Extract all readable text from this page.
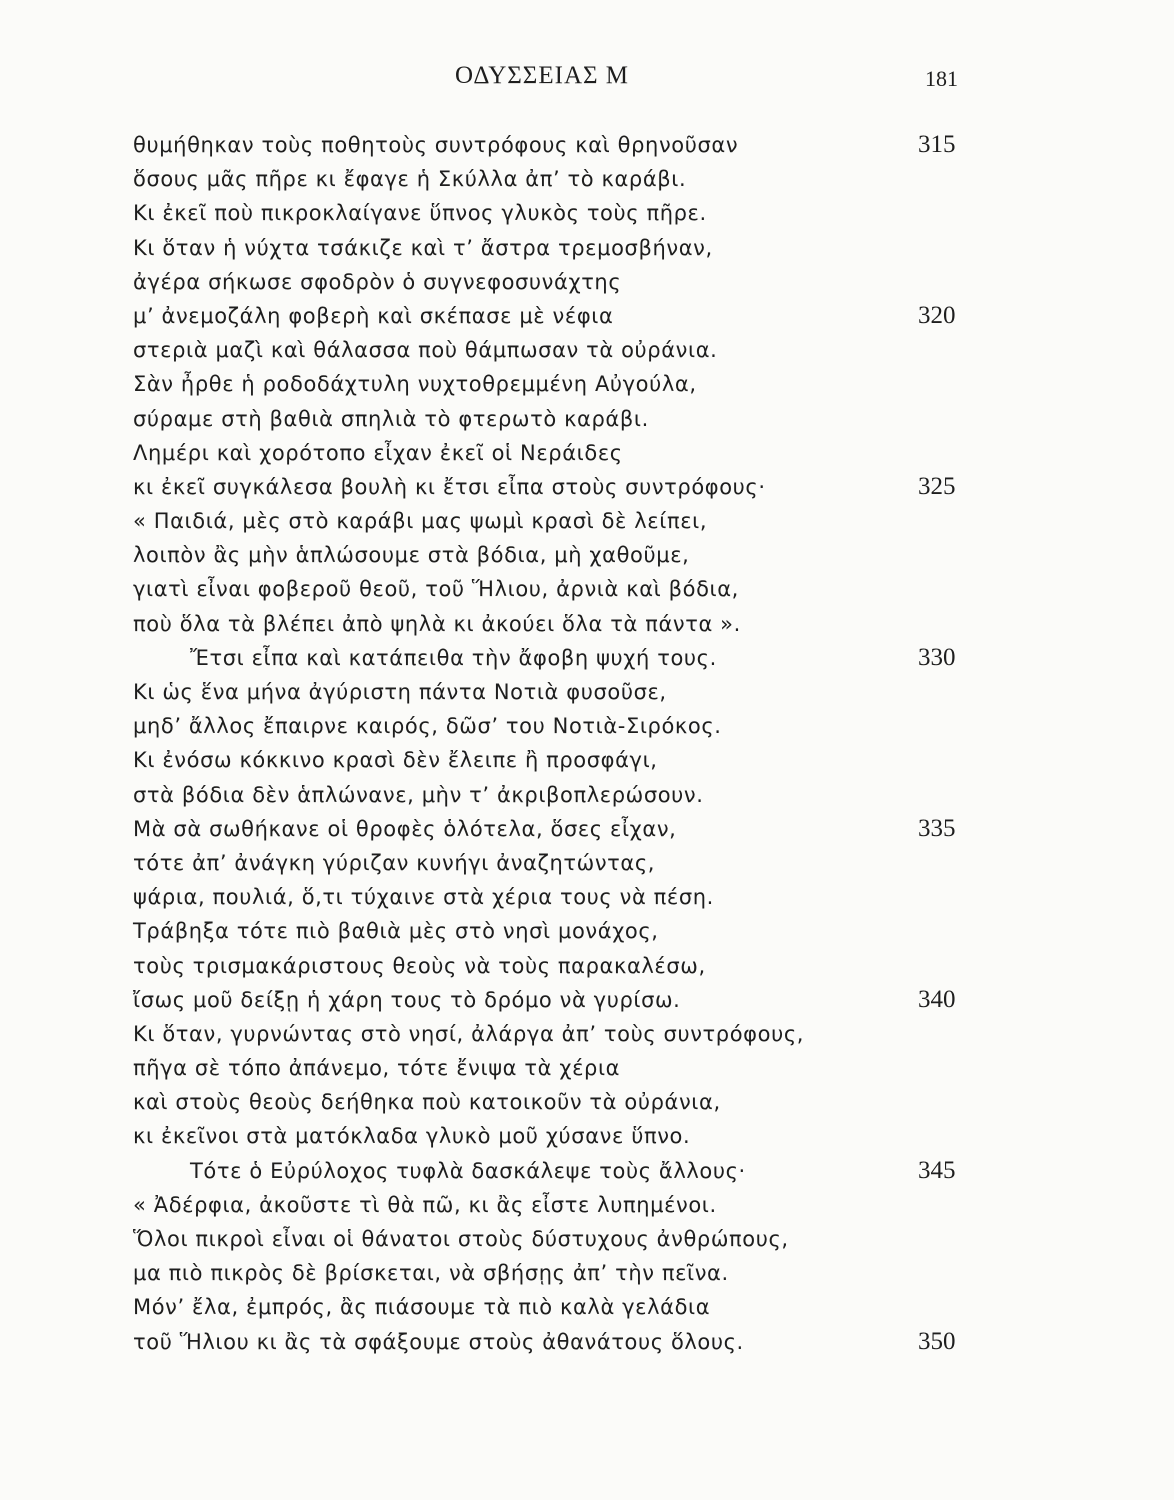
ΟΔΥΣΣΕΙΑΣ Μ	181
θυμήθηκαν τοὺς ποθητοὺς συντρόφους καὶ θρηνοῦσαν	315
ὅσους μᾶς πῆρε κι ἔφαγε ἡ Σκύλλα ἀπ’ τὸ καράβι.
Κι ἐκεῖ ποὺ πικροκλαίγανε ὕπνος γλυκὸς τοὺς πῆρε.
Κι ὅταν ἡ νύχτα τσάκιζε καὶ τ’ ἄστρα τρεμοσβήναν,
ἀγέρα σήκωσε σφοδρὸν ὁ συγνεφοσυνάχτης
μ’ ἀνεμοζάλη φοβερὴ καὶ σκέπασε μὲ νέφια	320
στεριὰ μαζὶ καὶ θάλασσα ποὺ θάμπωσαν τὰ οὐράνια.
Σὰν ἦρθε ἡ ροδοδάχτυλη νυχτοθρεμμένη Αὐγούλα,
σύραμε στὴ βαθιὰ σπηλιὰ τὸ φτερωτὸ καράβι.
Λημέρι καὶ χορότοπο εἶχαν ἐκεῖ οἱ Νεράιδες
κι ἐκεῖ συγκάλεσα βουλὴ κι ἔτσι εἶπα στοὺς συντρόφους·	325
« Παιδιά, μὲς στὸ καράβι μας ψωμὶ κρασὶ δὲ λείπει,
λοιπὸν ἂς μὴν ἁπλώσουμε στὰ βόδια, μὴ χαθοῦμε,
γιατὶ εἶναι φοβεροῦ θεοῦ, τοῦ Ἥλιου, ἀρνιὰ καὶ βόδια,
ποὺ ὅλα τὰ βλέπει ἀπὸ ψηλὰ κι ἀκούει ὅλα τὰ πάντα ».
Ἔτσι εἶπα καὶ κατάπειθα τὴν ἄφοβη ψυχή τους.	330
Κι ὡς ἕνα μήνα ἀγύριστη πάντα Νοτιὰ φυσοῦσε,
μηδ’ ἄλλος ἔπαιρνε καιρός, δῶσ’ του Νοτιὰ-Σιρόκος.
Κι ἐνόσω κόκκινο κρασὶ δὲν ἔλειπε ἢ προσφάγι,
στὰ βόδια δὲν ἁπλώνανε, μὴν τ’ ἀκριβοπλερώσουν.
Μὰ σὰ σωθήκανε οἱ θροφὲς ὁλότελα, ὅσες εἶχαν,	335
τότε ἀπ’ ἀνάγκη γύριζαν κυνήγι ἀναζητώντας,
ψάρια, πουλιά, ὅ,τι τύχαινε στὰ χέρια τους νὰ πέση.
Τράβηξα τότε πιὸ βαθιὰ μὲς στὸ νησὶ μονάχος,
τοὺς τρισμακάριστους θεοὺς νὰ τοὺς παρακαλέσω,
ἴσως μοῦ δείξῃ ἡ χάρη τους τὸ δρόμο νὰ γυρίσω.	340
Κι ὅταν, γυρνώντας στὸ νησί, ἀλάργα ἀπ’ τοὺς συντρόφους,
πῆγα σὲ τόπο ἀπάνεμο, τότε ἔνιψα τὰ χέρια
καὶ στοὺς θεοὺς δεήθηκα ποὺ κατοικοῦν τὰ οὐράνια,
κι ἐκεῖνοι στὰ ματόκλαδα γλυκὸ μοῦ χύσανε ὕπνο.
Τότε ὁ Εὐρύλοχος τυφλὰ δασκάλεψε τοὺς ἄλλους·	345
« Ἀδέρφια, ἀκοῦστε τὶ θὰ πῶ, κι ἂς εἶστε λυπημένοι.
Ὅλοι πικροὶ εἶναι οἱ θάνατοι στοὺς δύστυχους ἀνθρώπους,
μα πιὸ πικρὸς δὲ βρίσκεται, νὰ σβήσῃς ἀπ’ τὴν πεῖνα.
Μόν’ ἔλα, ἐμπρός, ἂς πιάσουμε τὰ πιὸ καλὰ γελάδια
τοῦ Ἥλιου κι ἂς τὰ σφάξουμε στοὺς ἀθανάτους ὅλους.	350
